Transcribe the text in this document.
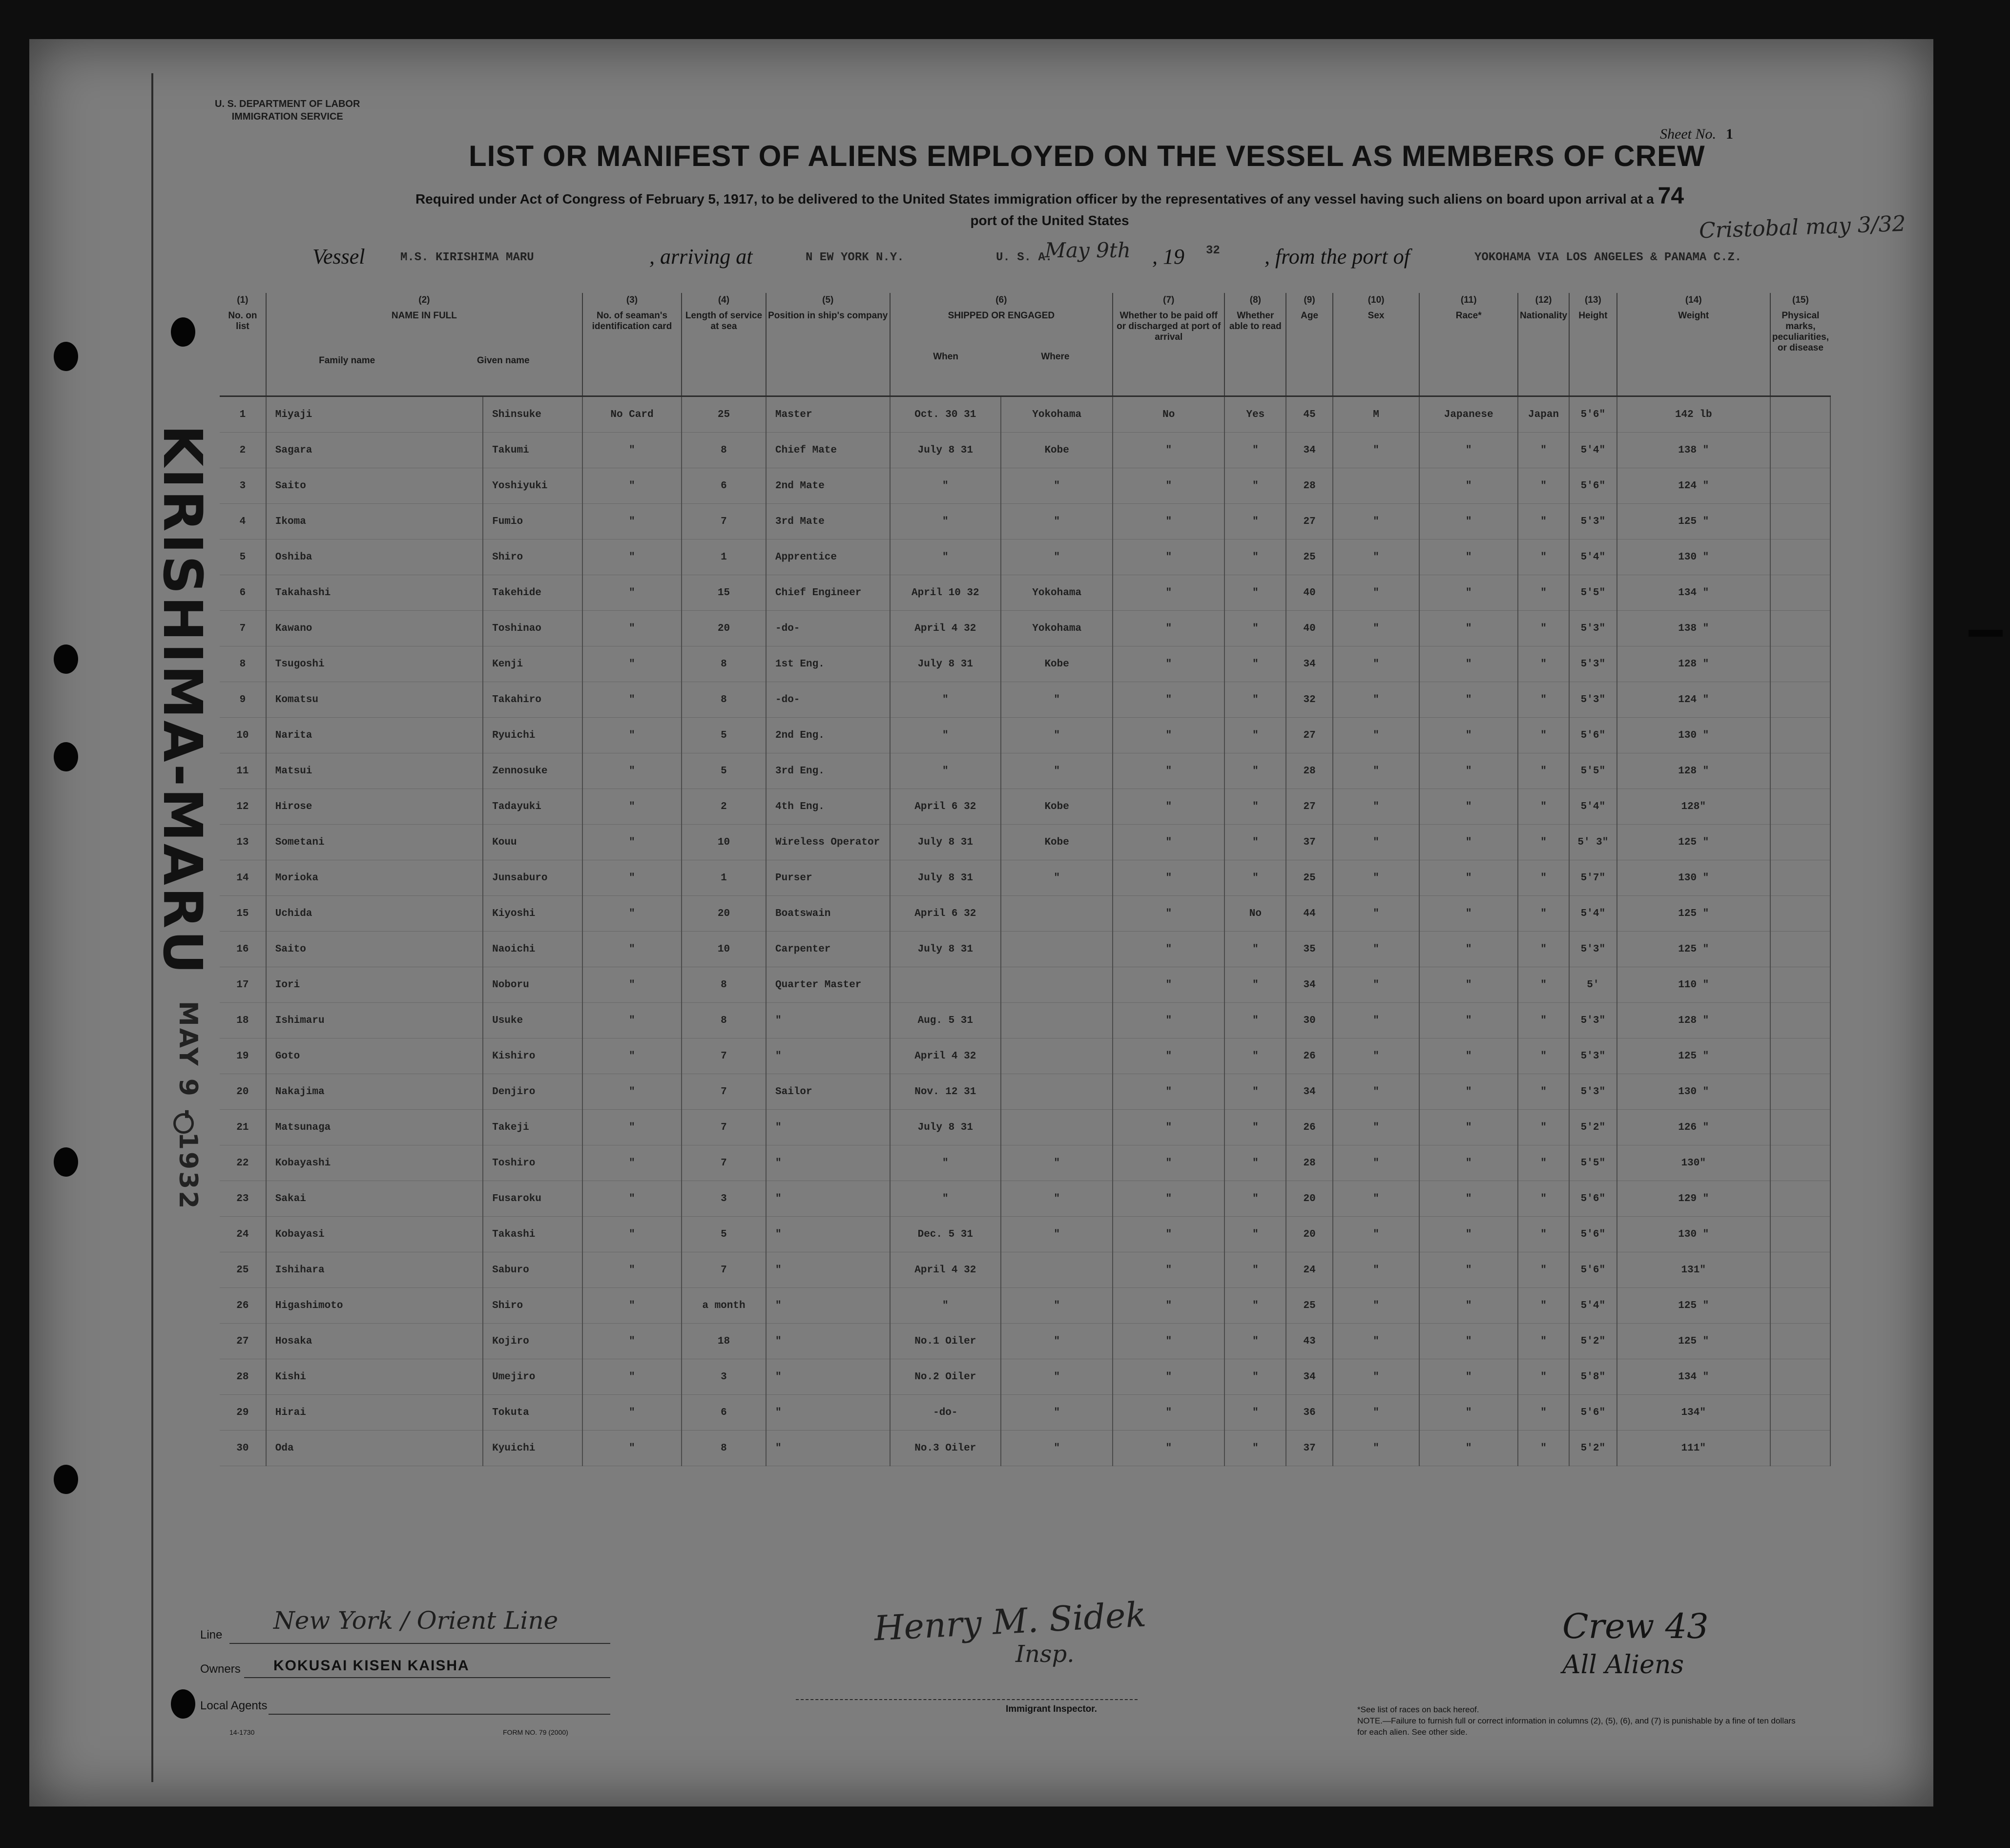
U. S. DEPARTMENT OF LABOR
IMMIGRATION SERVICE
Sheet No. 1
LIST OR MANIFEST OF ALIENS EMPLOYED ON THE VESSEL AS MEMBERS OF CREW
Required under Act of Congress of February 5, 1917, to be delivered to the United States immigration officer by the representatives of any vessel having such aliens on board upon arrival at a 74
port of the United States	Cristobal may 3/32
Vessel	M.S. KIRISHIMA MARU	, arriving at	N EW YORK N.Y.	U. S. A.
May 9th , 19 32 , from the port of	YOKOHAMA VIA LOS ANGELES & PANAMA C.Z.
(1)
No. on list	(2)
NAME IN FULL
Family name Given name		(3)
No. of seaman's identification card	(4)
Length of service at sea	(5)
Position in ship's company	(6)
SHIPPED OR ENGAGED
When Where		(7)
Whether to be paid off or discharged at port of arrival	(8)
Whether able to read	(9)
Age	(10)
Sex	(11)
Race*	(12)
Nationality	(13)
Height	(14)
Weight	(15)
Physical marks, peculiarities, or disease
1	Miyaji	Shinsuke	No Card	25	Master	Oct. 30 31	Yokohama	No	Yes	45	M	Japanese	Japan	5'6"	142 lb	
2	Sagara	Takumi	"	8	Chief Mate	July 8 31	Kobe	"	"	34	"	"	"	5'4"	138 "	
3	Saito	Yoshiyuki	"	6	2nd Mate	"	"	"	"	28		"	"	5'6"	124 "	
4	Ikoma	Fumio	"	7	3rd Mate	"	"	"	"	27	"	"	"	5'3"	125 "	
5	Oshiba	Shiro	"	1	Apprentice	"	"	"	"	25	"	"	"	5'4"	130 "	
6	Takahashi	Takehide	"	15	Chief Engineer	April 10 32	Yokohama	"	"	40	"	"	"	5'5"	134 "	
7	Kawano	Toshinao	"	20	-do-	April 4 32	Yokohama	"	"	40	"	"	"	5'3"	138 "	
8	Tsugoshi	Kenji	"	8	1st Eng.	July 8 31	Kobe	"	"	34	"	"	"	5'3"	128 "	
9	Komatsu	Takahiro	"	8	-do-	"	"	"	"	32	"	"	"	5'3"	124 "	
10	Narita	Ryuichi	"	5	2nd Eng.	"	"	"	"	27	"	"	"	5'6"	130 "	
11	Matsui	Zennosuke	"	5	3rd Eng.	"	"	"	"	28	"	"	"	5'5"	128 "	
12	Hirose	Tadayuki	"	2	4th Eng.	April 6 32	Kobe	"	"	27	"	"	"	5'4"	128"	
13	Sometani	Kouu	"	10	Wireless Operator	July 8 31	Kobe	"	"	37	"	"	"	5' 3"	125 "	
14	Morioka	Junsaburo	"	1	Purser	July 8 31	"	"	"	25	"	"	"	5'7"	130 "	
15	Uchida	Kiyoshi	"	20	Boatswain	April 6 32		"	No	44	"	"	"	5'4"	125 "	
16	Saito	Naoichi	"	10	Carpenter	July 8 31		"	"	35	"	"	"	5'3"	125 "	
17	Iori	Noboru	"	8	Quarter Master			"	"	34	"	"	"	5'	110 "	
18	Ishimaru	Usuke	"	8	"	Aug. 5 31		"	"	30	"	"	"	5'3"	128 "	
19	Goto	Kishiro	"	7	"	April 4 32		"	"	26	"	"	"	5'3"	125 "	
20	Nakajima	Denjiro	"	7	Sailor	Nov. 12 31		"	"	34	"	"	"	5'3"	130 "	
21	Matsunaga	Takeji	"	7	"	July 8 31		"	"	26	"	"	"	5'2"	126 "	
22	Kobayashi	Toshiro	"	7	"	"	"	"	"	28	"	"	"	5'5"	130"	
23	Sakai	Fusaroku	"	3	"	"	"	"	"	20	"	"	"	5'6"	129 "	
24	Kobayasi	Takashi	"	5	"	Dec. 5 31	"	"	"	20	"	"	"	5'6"	130 "	
25	Ishihara	Saburo	"	7	"	April 4 32		"	"	24	"	"	"	5'6"	131"	
26	Higashimoto	Shiro	"	a month	"	"	"	"	"	25	"	"	"	5'4"	125 "	
27	Hosaka	Kojiro	"	18	"	No.1 Oiler	"	"	"	43	"	"	"	5'2"	125 "	
28	Kishi	Umejiro	"	3	"	No.2 Oiler	"	"	"	34	"	"	"	5'8"	134 "	
29	Hirai	Tokuta	"	6	"	-do-	"	"	"	36	"	"	"	5'6"	134"	
30	Oda	Kyuichi	"	8	"	No.3 Oiler	"	"	"	37	"	"	"	5'2"	111"	
KIRISHIMA-MARU
MAY 9 - 1932
Line
New York / Orient Line
Owners KOKUSAI KISEN KAISHA
Local Agents
14-1730	FORM NO. 79 (2000)
Immigrant Inspector.
Henry M. Sidek
Insp.
Crew 43
All Aliens
*See list of races on back hereof.
NOTE.—Failure to furnish full or correct information in columns (2), (5), (6), and (7) is punishable by a fine of ten dollars for each alien. See other side.
